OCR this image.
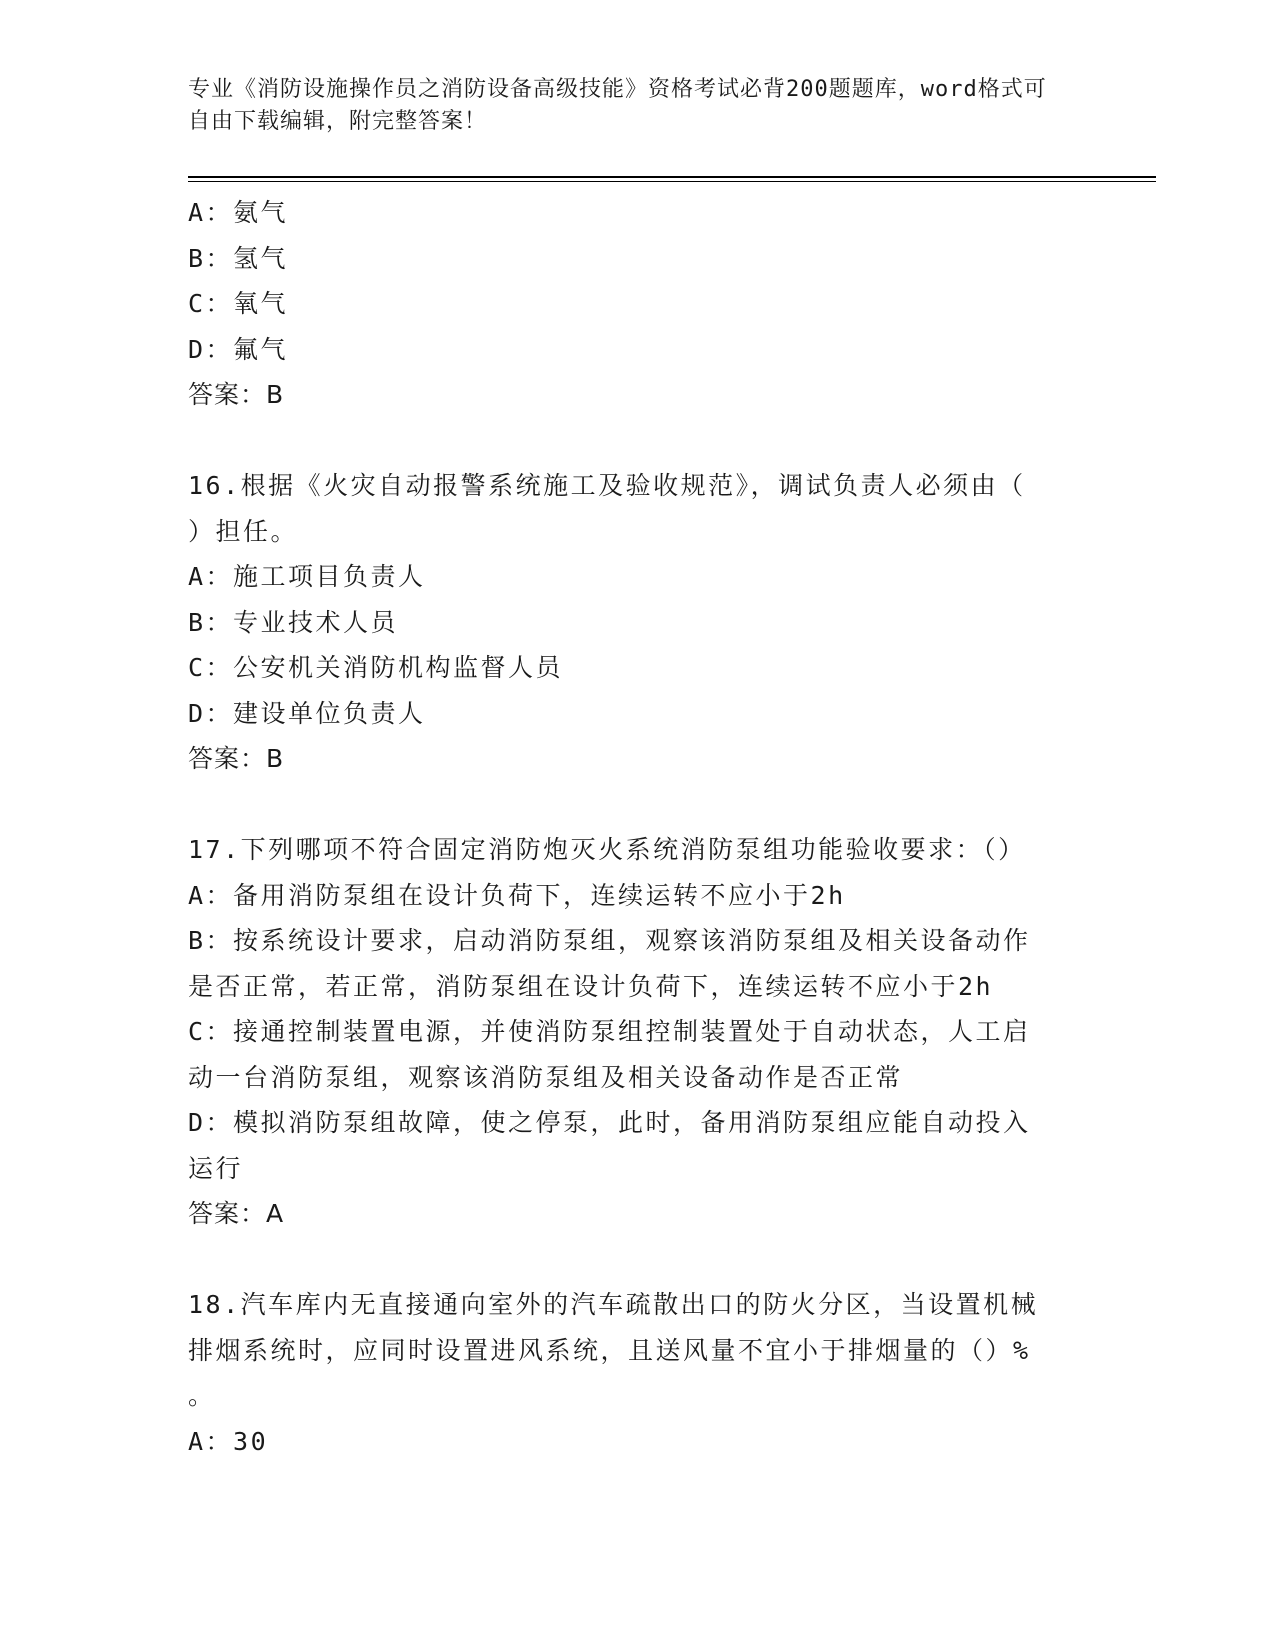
专业《消防设施操作员之消防设备高级技能》资格考试必背200题题库，word格式可自由下载编辑，附完整答案！
A：氨气
B：氢气
C：氧气
D：氟气
答案：B
16.根据《火灾自动报警系统施工及验收规范》，调试负责人必须由（
）担任。
A：施工项目负责人
B：专业技术人员
C：公安机关消防机构监督人员
D：建设单位负责人
答案：B
17.下列哪项不符合固定消防炮灭火系统消防泵组功能验收要求：（）
A：备用消防泵组在设计负荷下，连续运转不应小于2h
B：按系统设计要求，启动消防泵组，观察该消防泵组及相关设备动作
是否正常，若正常，消防泵组在设计负荷下，连续运转不应小于2h
C：接通控制装置电源，并使消防泵组控制装置处于自动状态，人工启
动一台消防泵组，观察该消防泵组及相关设备动作是否正常
D：模拟消防泵组故障，使之停泵，此时，备用消防泵组应能自动投入
运行
答案：A
18.汽车库内无直接通向室外的汽车疏散出口的防火分区，当设置机械
排烟系统时，应同时设置进风系统，且送风量不宜小于排烟量的（）%
。
A：30
